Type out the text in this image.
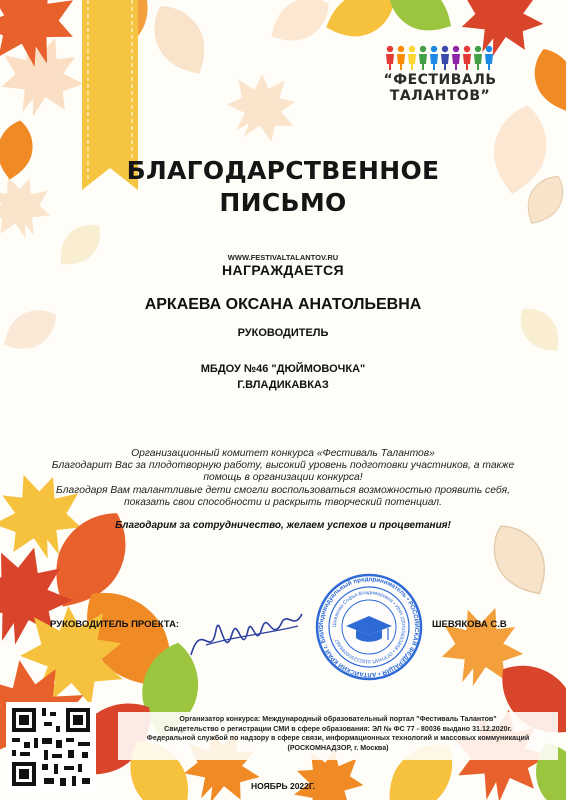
“ФЕСТИВАЛЬ ТАЛАНТОВ”
БЛАГОДАРСТВЕННОЕ
ПИСЬМО
WWW.FESTIVALTALANTOV.RU
НАГРАЖДАЕТСЯ
АРКАЕВА ОКСАНА АНАТОЛЬЕВНА
РУКОВОДИТЕЛЬ
МБДОУ №46 "ДЮЙМОВОЧКА"
Г.ВЛАДИКАВКАЗ
Организационный комитет конкурса «Фестиваль Талантов»
Благодарит Вас за плодотворную работу, высокий уровень подготовки участников, а также
помощь в организации конкурса!
Благодаря Вам талантливые дети смогли воспользоваться возможностью проявить себя,
показать свои способности и раскрыть творческий потенциал.
Благодарим за сотрудничество, желаем успехов и процветания!
РУКОВОДИТЕЛЬ ПРОЕКТА:	Индивидуальный предприниматель • РОССИЙСКАЯ ФЕДЕРАЦИЯ • АЛТАЙСКИЙ КРАЙ г. БИЙС
Шевякова Софья Владимировна • ИНН 220415693858 • ОГРНИП 318222500098487
ШЕВЯКОВА С.В
Организатор конкурса: Международный образовательный портал "Фестиваль Талантов"
Свидетельство о регистрации СМИ в сфере образования: ЭЛ № ФС 77 - 80036 выдано 31.12.2020г.
Федеральной службой по надзору в сфере связи, информационных технологий и массовых коммуникаций
(РОСКОМНАДЗОР, г. Москва)
НОЯБРЬ 2022Г.
